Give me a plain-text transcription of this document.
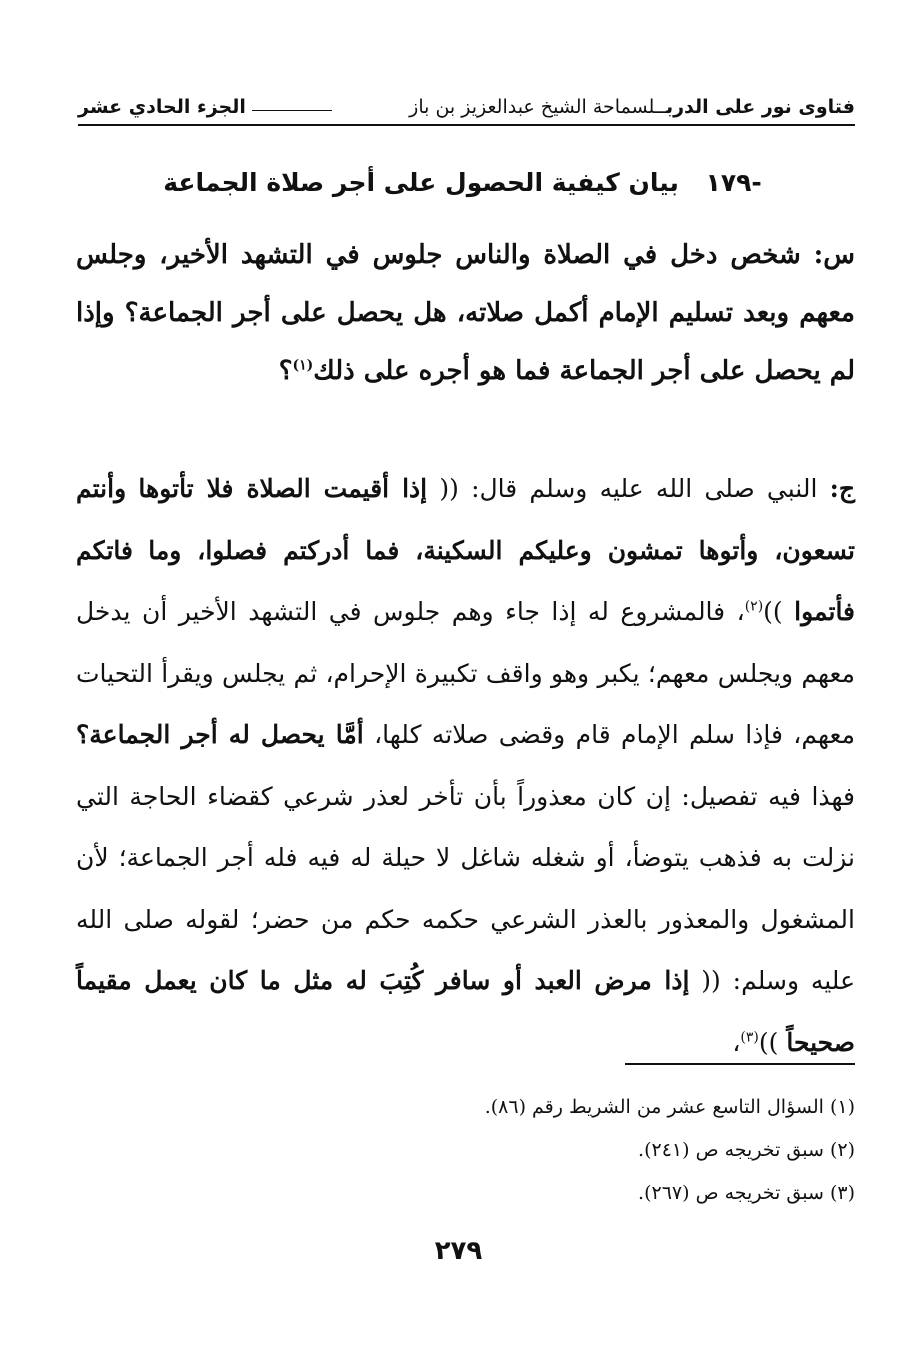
فتاوى نور على الدربــلسماحة الشيخ عبدالعزيز بن باز
الجزء الحادي عشر
-١٧٩ بيان كيفية الحصول على أجر صلاة الجماعة
س: شخص دخل في الصلاة والناس جلوس في التشهد الأخير، وجلس معهم وبعد تسليم الإمام أكمل صلاته، هل يحصل على أجر الجماعة؟ وإذا لم يحصل على أجر الجماعة فما هو أجره على ذلك$^{(١)}$؟
ج: النبي صلى الله عليه وسلم قال: (( إذا أقيمت الصلاة فلا تأتوها وأنتم تسعون، وأتوها تمشون وعليكم السكينة، فما أدركتم فصلوا، وما فاتكم فأتموا ))$^{(٢)}$، فالمشروع له إذا جاء وهم جلوس في التشهد الأخير أن يدخل معهم ويجلس معهم؛ يكبر وهو واقف تكبيرة الإحرام، ثم يجلس ويقرأ التحيات معهم، فإذا سلم الإمام قام وقضى صلاته كلها، أمَّا يحصل له أجر الجماعة؟ فهذا فيه تفصيل: إن كان معذوراً بأن تأخر لعذر شرعي كقضاء الحاجة التي نزلت به فذهب يتوضأ، أو شغله شاغل لا حيلة له فيه فله أجر الجماعة؛ لأن المشغول والمعذور بالعذر الشرعي حكمه حكم من حضر؛ لقوله صلى الله عليه وسلم: (( إذا مرض العبد أو سافر كُتِبَ له مثل ما كان يعمل مقيماً صحيحاً ))$^{(٣)}$،
(١) السؤال التاسع عشر من الشريط رقم (٨٦).
(٢) سبق تخريجه ص (٢٤١).
(٣) سبق تخريجه ص (٢٦٧).
٢٧٩
